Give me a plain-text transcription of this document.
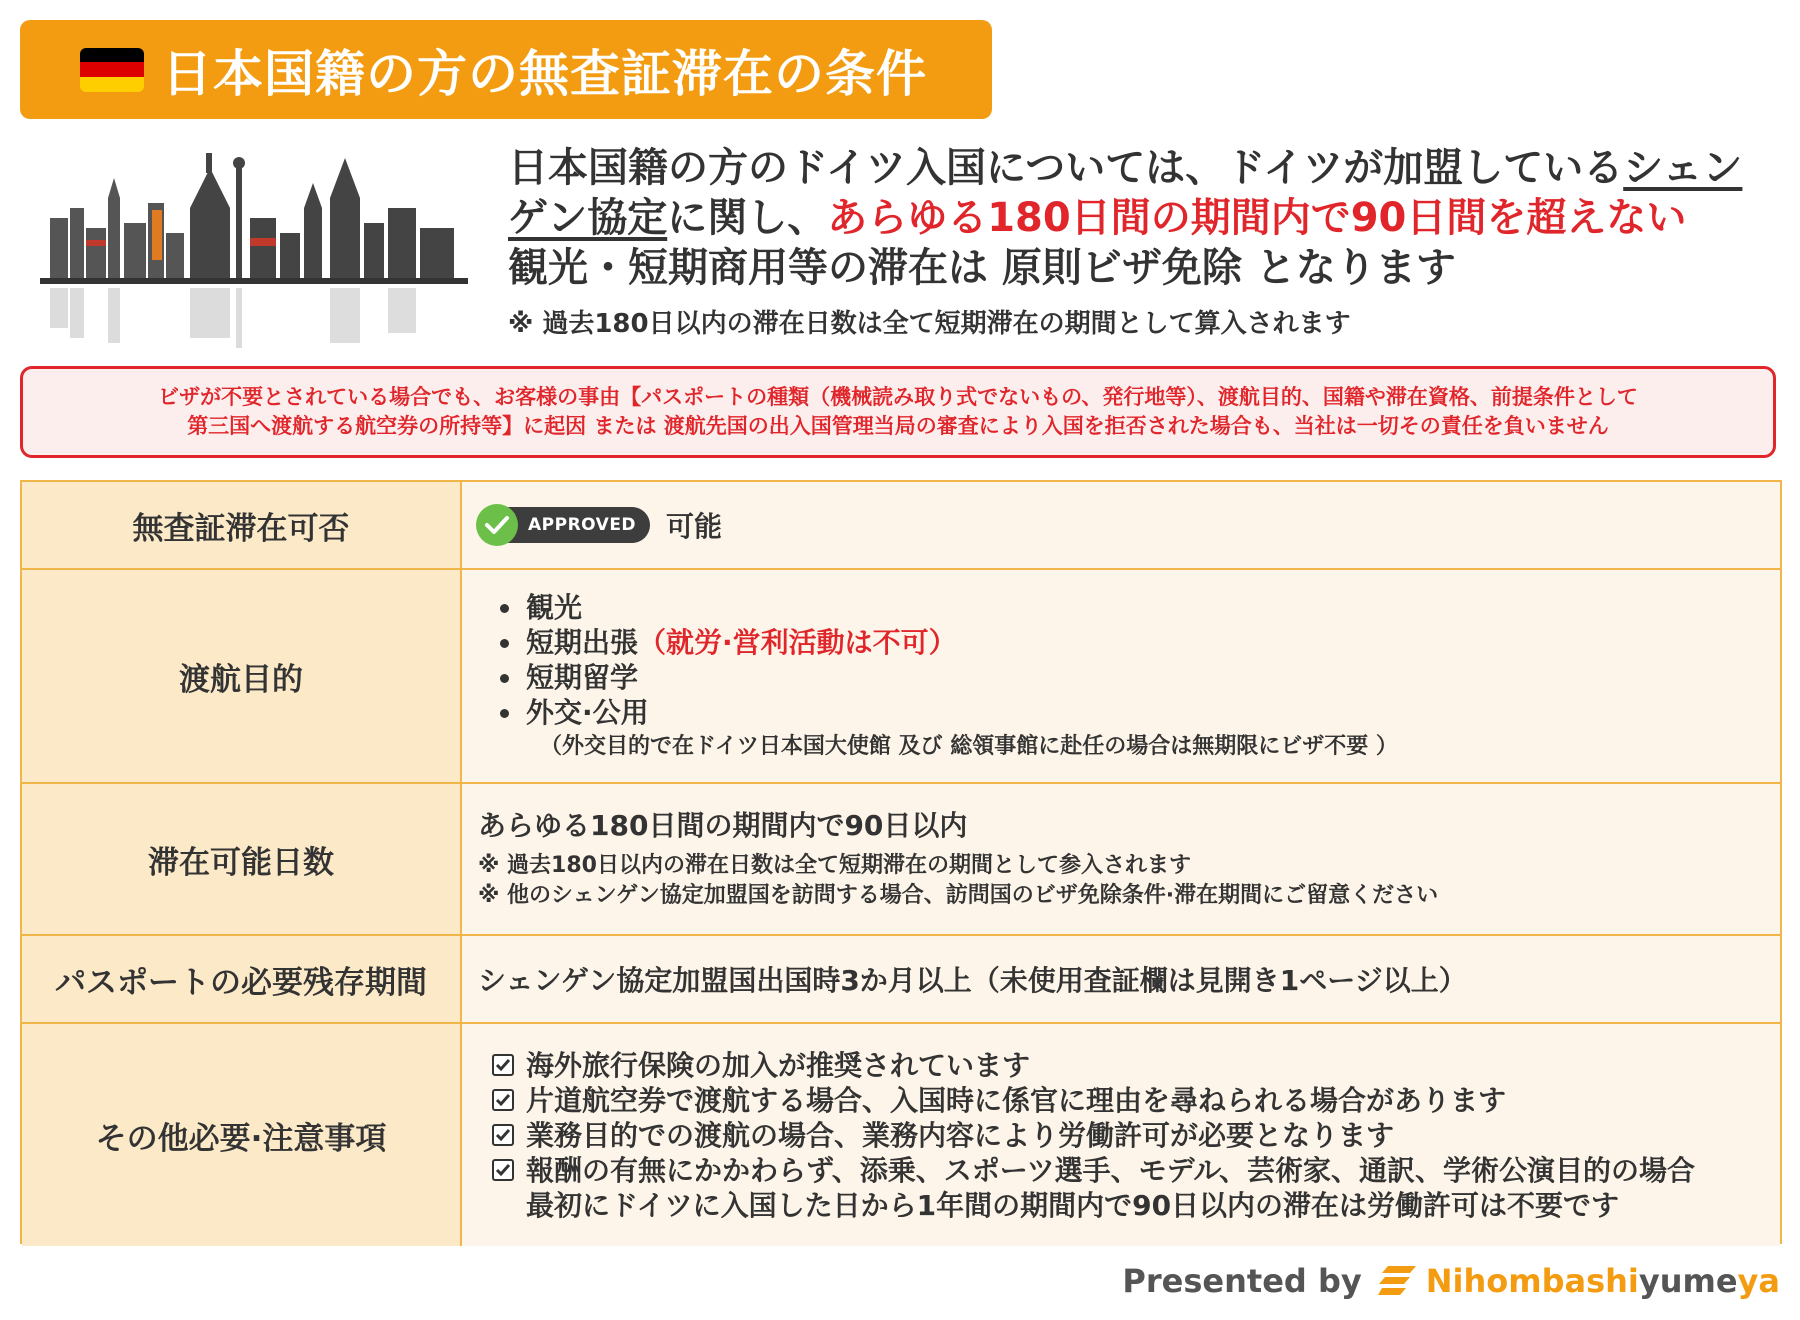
日本国籍の方の無査証滞在の条件
日本国籍の方のドイツ入国については、ドイツが加盟しているシェンゲン協定に関し、あらゆる180日間の期間内で90日間を超えない
観光・短期商用等の滞在は 原則ビザ免除 となります
※ 過去180日以内の滞在日数は全て短期滞在の期間として算入されます

ビザが不要とされている場合でも、お客様の事由【パスポートの種類（機械読み取り式でないもの、発行地等）、渡航目的、国籍や滞在資格、前提条件として
第三国へ渡航する航空券の所持等】に起因 または 渡航先国の出入国管理当局の審査により入国を拒否された場合も、当社は一切その責任を負いません

無査証滞在可否	APPROVED 可能
渡航目的
観光
短期出張（就労·営利活動は不可）
短期留学
外交·公用
（外交目的で在ドイツ日本国大使館 及び 総領事館に赴任の場合は無期限にビザ不要 ）
滞在可能日数
あらゆる180日間の期間内で90日以内
※ 過去180日以内の滞在日数は全て短期滞在の期間として参入されます
※ 他のシェンゲン協定加盟国を訪問する場合、訪問国のビザ免除条件·滞在期間にご留意ください
パスポートの必要残存期間	シェンゲン協定加盟国出国時3か月以上（未使用査証欄は見開き1ページ以上）
その他必要·注意事項
海外旅行保険の加入が推奨されています
片道航空券で渡航する場合、入国時に係官に理由を尋ねられる場合があります
業務目的での渡航の場合、業務内容により労働許可が必要となります
報酬の有無にかかわらず、添乗、スポーツ選手、モデル、芸術家、通訳、学術公演目的の場合
最初にドイツに入国した日から1年間の期間内で90日以内の滞在は労働許可は不要です
Presented by Nihombashiyumeya
